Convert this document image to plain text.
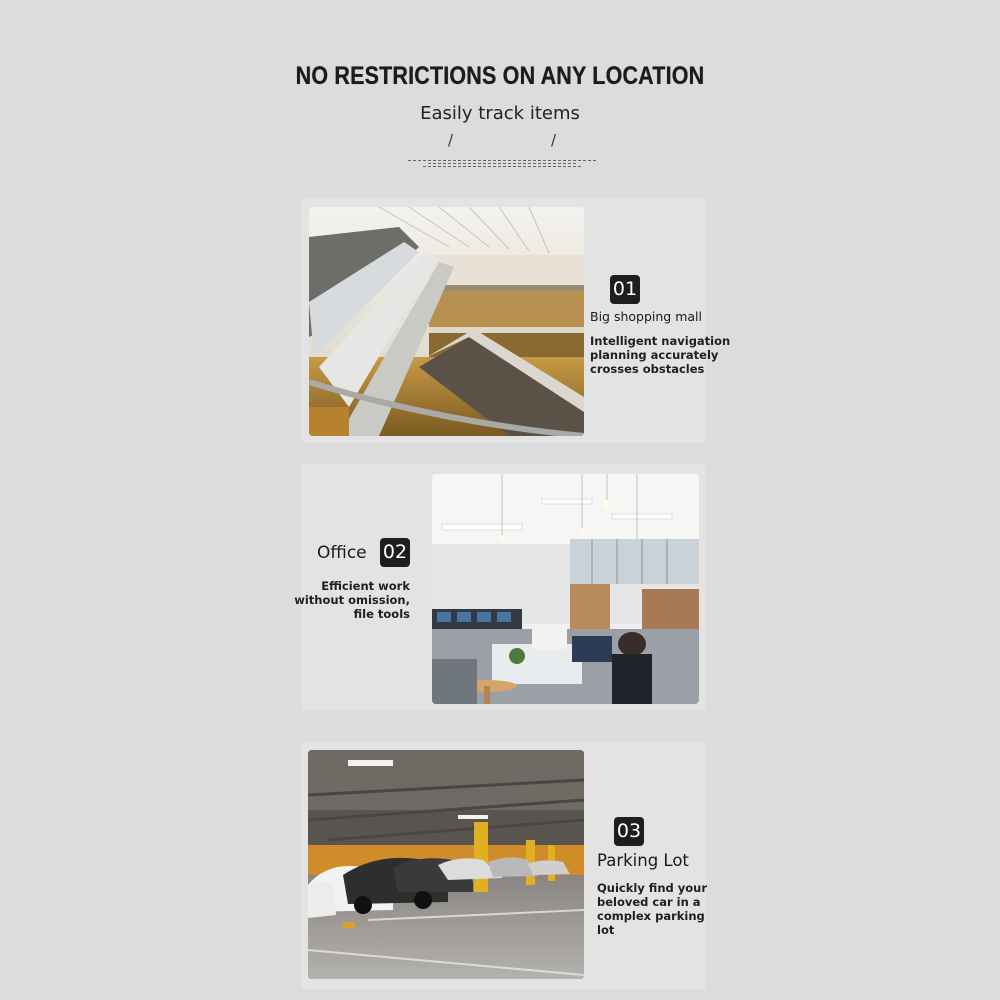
NO RESTRICTIONS ON ANY LOCATION
Easily track items
/	/
01
Big shopping mall
Intelligent navigation
planning accurately
crosses obstacles
Office 02
Efficient work
without omission,
file tools
03
Parking Lot
Quickly find your
beloved car in a
complex parking
lot
